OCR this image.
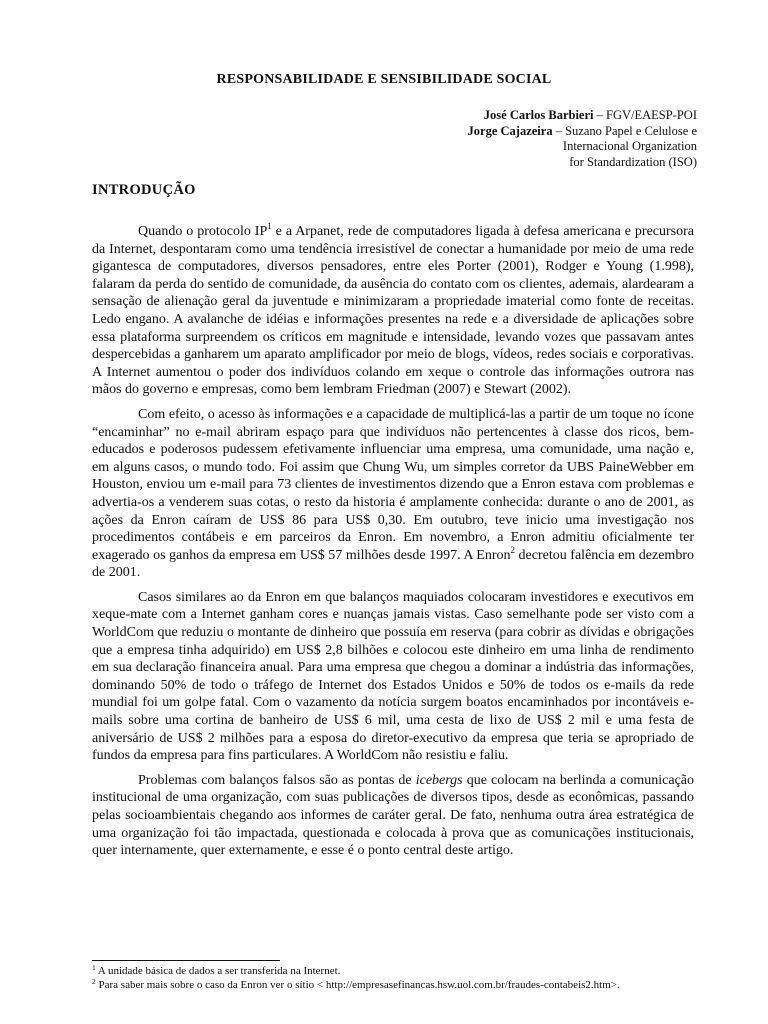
RESPONSABILIDADE E SENSIBILIDADE SOCIAL
José Carlos Barbieri – FGV/EAESP-POI
Jorge Cajazeira – Suzano Papel e Celulose e
Internacional Organization
for Standardization (ISO)
INTRODUÇÃO

Quando o protocolo $IP^1$ e a Arpanet, rede de computadores ligada à defesa americana e precursora da Internet, despontaram como uma tendência irresistível de conectar a humanidade por meio de uma rede gigantesca de computadores, diversos pensadores, entre eles Porter (2001), Rodger e Young (1.998), falaram da perda do sentido de comunidade, da ausência do contato com os clientes, ademais, alardearam a sensação de alienação geral da juventude e minimizaram a propriedade imaterial como fonte de receitas. Ledo engano. A avalanche de idéias e informações presentes na rede e a diversidade de aplicações sobre essa plataforma surpreendem os críticos em magnitude e intensidade, levando vozes que passavam antes despercebidas a ganharem um aparato amplificador por meio de blogs, vídeos, redes sociais e corporativas. A Internet aumentou o poder dos indivíduos colando em xeque o controle das informações outrora nas mãos do governo e empresas, como bem lembram Friedman (2007) e Stewart (2002).

Com efeito, o acesso às informações e a capacidade de multiplicá-las a partir de um toque no ícone “encaminhar” no e-mail abriram espaço para que indivíduos não pertencentes à classe dos ricos, bem-educados e poderosos pudessem efetivamente influenciar uma empresa, uma comunidade, uma nação e, em alguns casos, o mundo todo. Foi assim que Chung Wu, um simples corretor da UBS PaineWebber em Houston, enviou um e-mail para 73 clientes de investimentos dizendo que a Enron estava com problemas e advertia-os a venderem suas cotas, o resto da historia é amplamente conhecida: durante o ano de 2001, as ações da Enron caíram de US$ 86 para US$ 0,30. Em outubro, teve inicio uma investigação nos procedimentos contábeis e em parceiros da Enron. Em novembro, a Enron admitiu oficialmente ter exagerado os ganhos da empresa em US$ 57 milhões desde 1997. A Enron$^2$ decretou falência em dezembro de 2001.

Casos similares ao da Enron em que balanços maquiados colocaram investidores e executivos em xeque-mate com a Internet ganham cores e nuanças jamais vistas. Caso semelhante pode ser visto com a WorldCom que reduziu o montante de dinheiro que possuía em reserva (para cobrir as dívidas e obrigações que a empresa tinha adquirido) em US$ 2,8 bilhões e colocou este dinheiro em uma linha de rendimento em sua declaração financeira anual. Para uma empresa que chegou a dominar a indústria das informações, dominando 50% de todo o tráfego de Internet dos Estados Unidos e 50% de todos os e-mails da rede mundial foi um golpe fatal. Com o vazamento da notícia surgem boatos encaminhados por incontáveis e-mails sobre uma cortina de banheiro de US$ 6 mil, uma cesta de lixo de US$ 2 mil e uma festa de aniversário de US$ 2 milhões para a esposa do diretor-executivo da empresa que teria se apropriado de fundos da empresa para fins particulares. A WorldCom não resistiu e faliu.

Problemas com balanços falsos são as pontas de icebergs que colocam na berlinda a comunicação institucional de uma organização, com suas publicações de diversos tipos, desde as econômicas, passando pelas socioambientais chegando aos informes de caráter geral. De fato, nenhuma outra área estratégica de uma organização foi tão impactada, questionada e colocada à prova que as comunicações institucionais, quer internamente, quer externamente, e esse é o ponto central deste artigo.

$^1$ A unidade básica de dados a ser transferida na Internet.

$^2$ Para saber mais sobre o caso da Enron ver o sítio < http://empresasefinancas.hsw.uol.com.br/fraudes-contabeis2.htm>.
